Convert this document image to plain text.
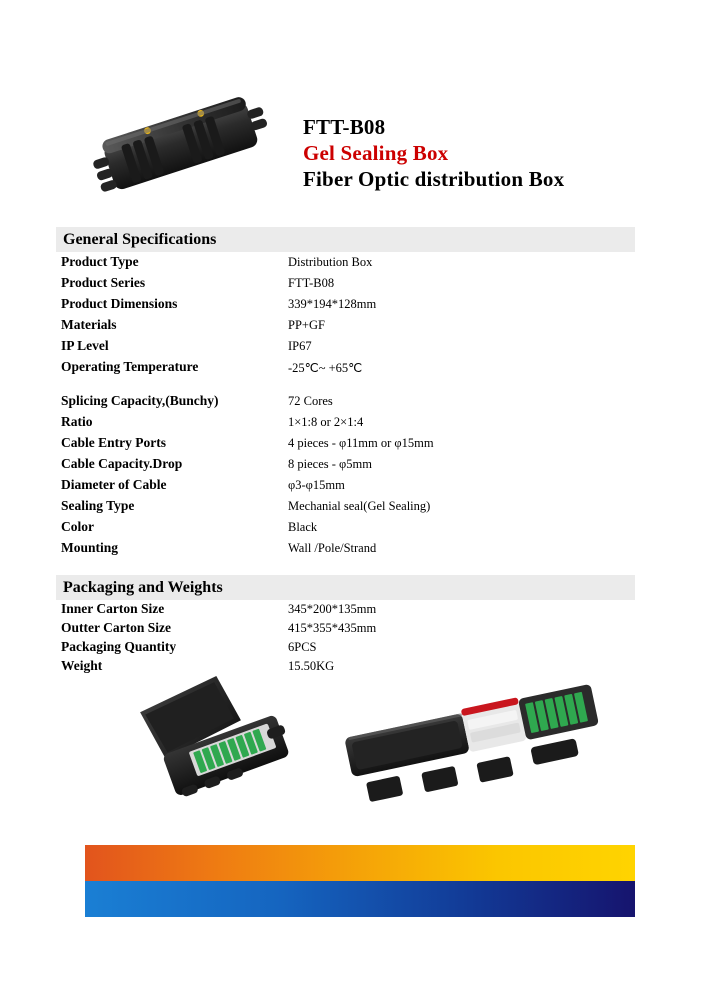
FTT-B08
Gel Sealing Box
Fiber Optic distribution Box
General Specifications
Product Type	Distribution Box
Product Series	FTT-B08
Product Dimensions	339*194*128mm
Materials	PP+GF
IP Level	IP67
Operating Temperature	-25℃~ +65℃
Splicing Capacity,(Bunchy)	72 Cores
Ratio	1×1:8 or 2×1:4
Cable Entry Ports	4 pieces - φ11mm or φ15mm
Cable Capacity.Drop	8 pieces - φ5mm
Diameter of Cable	φ3-φ15mm
Sealing Type	Mechanial seal(Gel Sealing)
Color	Black
Mounting	Wall /Pole/Strand
Packaging and Weights
Inner Carton Size	345*200*135mm
Outter Carton Size	415*355*435mm
Packaging Quantity	6PCS
Weight	15.50KG
